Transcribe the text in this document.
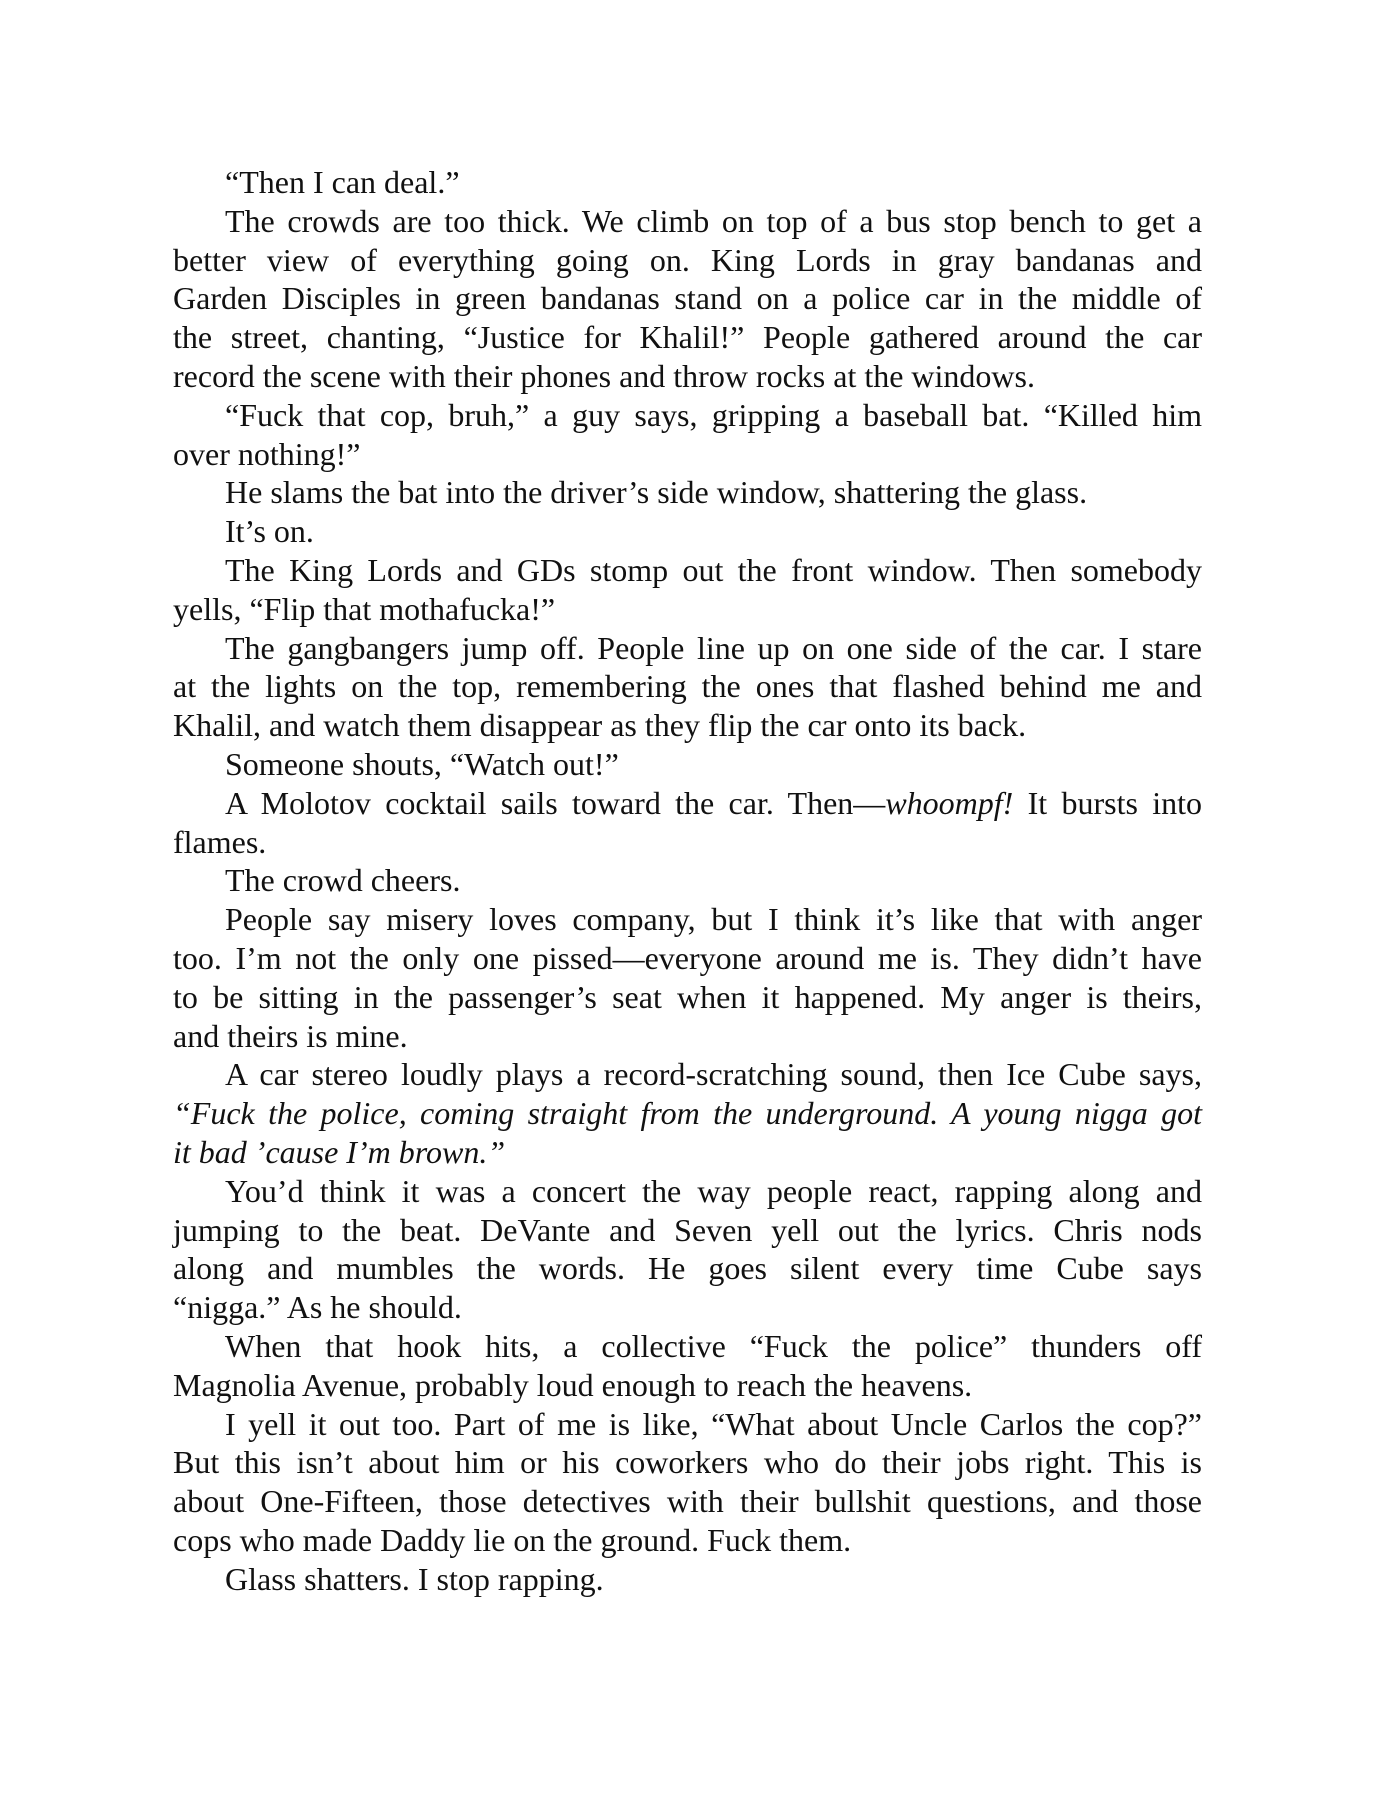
“Then I can deal.”
The crowds are too thick. We climb on top of a bus stop bench to get a
better view of everything going on. King Lords in gray bandanas and
Garden Disciples in green bandanas stand on a police car in the middle of
the street, chanting, “Justice for Khalil!” People gathered around the car
record the scene with their phones and throw rocks at the windows.
“Fuck that cop, bruh,” a guy says, gripping a baseball bat. “Killed him
over nothing!”
He slams the bat into the driver’s side window, shattering the glass.
It’s on.
The King Lords and GDs stomp out the front window. Then somebody
yells, “Flip that mothafucka!”
The gangbangers jump off. People line up on one side of the car. I stare
at the lights on the top, remembering the ones that flashed behind me and
Khalil, and watch them disappear as they flip the car onto its back.
Someone shouts, “Watch out!”
A Molotov cocktail sails toward the car. Then—whoompf! It bursts into
flames.
The crowd cheers.
People say misery loves company, but I think it’s like that with anger
too. I’m not the only one pissed—everyone around me is. They didn’t have
to be sitting in the passenger’s seat when it happened. My anger is theirs,
and theirs is mine.
A car stereo loudly plays a record-scratching sound, then Ice Cube says,
“Fuck the police, coming straight from the underground. A young nigga got
it bad ’cause I’m brown.”
You’d think it was a concert the way people react, rapping along and
jumping to the beat. DeVante and Seven yell out the lyrics. Chris nods
along and mumbles the words. He goes silent every time Cube says
“nigga.” As he should.
When that hook hits, a collective “Fuck the police” thunders off
Magnolia Avenue, probably loud enough to reach the heavens.
I yell it out too. Part of me is like, “What about Uncle Carlos the cop?”
But this isn’t about him or his coworkers who do their jobs right. This is
about One-Fifteen, those detectives with their bullshit questions, and those
cops who made Daddy lie on the ground. Fuck them.
Glass shatters. I stop rapping.
